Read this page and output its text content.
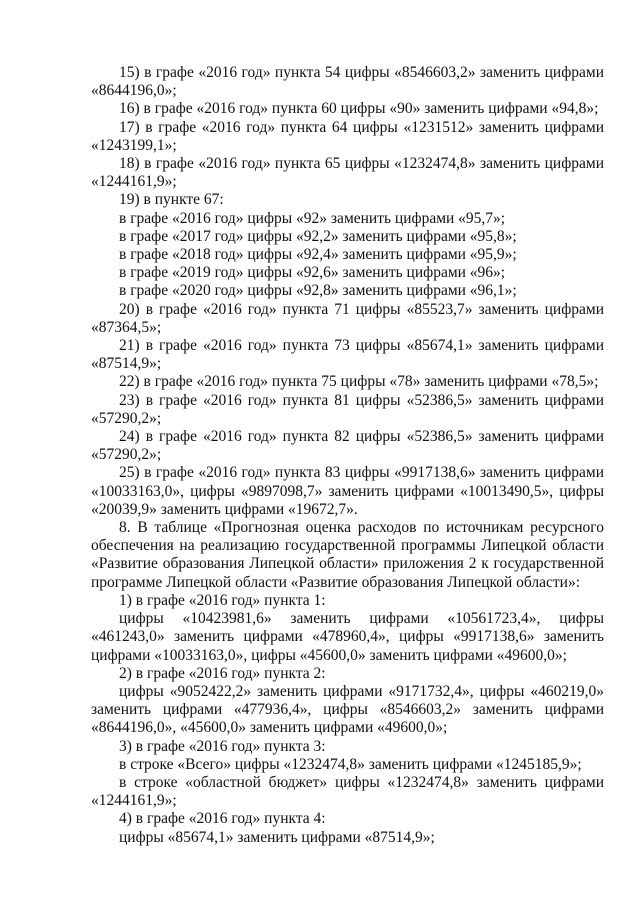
15) в графе «2016 год» пункта 54 цифры «8546603,2» заменить цифрами «8644196,0»;

16) в графе «2016 год» пункта 60 цифры «90» заменить цифрами «94,8»;

17) в графе «2016 год» пункта 64 цифры «1231512» заменить цифрами «1243199,1»;

18) в графе «2016 год» пункта 65 цифры «1232474,8» заменить цифрами «1244161,9»;

19) в пункте 67:

в графе «2016 год» цифры «92» заменить цифрами «95,7»;

в графе «2017 год» цифры «92,2» заменить цифрами «95,8»;

в графе «2018 год» цифры «92,4» заменить цифрами «95,9»;

в графе «2019 год» цифры «92,6» заменить цифрами «96»;

в графе «2020 год» цифры «92,8» заменить цифрами «96,1»;

20) в графе «2016 год» пункта 71 цифры «85523,7» заменить цифрами «87364,5»;

21) в графе «2016 год» пункта 73 цифры «85674,1» заменить цифрами «87514,9»;

22) в графе «2016 год» пункта 75 цифры «78» заменить цифрами «78,5»;

23) в графе «2016 год» пункта 81 цифры «52386,5» заменить цифрами «57290,2»;

24) в графе «2016 год» пункта 82 цифры «52386,5» заменить цифрами «57290,2»;

25) в графе «2016 год» пункта 83 цифры «9917138,6» заменить цифрами «10033163,0», цифры «9897098,7» заменить цифрами «10013490,5», цифры «20039,9» заменить цифрами «19672,7».

8. В таблице «Прогнозная оценка расходов по источникам ресурсного обеспечения на реализацию государственной программы Липецкой области «Развитие образования Липецкой области» приложения 2 к государственной программе Липецкой области «Развитие образования Липецкой области»:

1) в графе «2016 год» пункта 1:

цифры «10423981,6» заменить цифрами «10561723,4», цифры «461243,0» заменить цифрами «478960,4», цифры «9917138,6» заменить цифрами «10033163,0», цифры «45600,0» заменить цифрами «49600,0»;

2) в графе «2016 год» пункта 2:

цифры «9052422,2» заменить цифрами «9171732,4», цифры «460219,0» заменить цифрами «477936,4», цифры «8546603,2» заменить цифрами «8644196,0», «45600,0» заменить цифрами «49600,0»;

3) в графе «2016 год» пункта 3:

в строке «Всего» цифры «1232474,8» заменить цифрами «1245185,9»;

в строке «областной бюджет» цифры «1232474,8» заменить цифрами «1244161,9»;

4) в графе «2016 год» пункта 4:

цифры «85674,1» заменить цифрами «87514,9»;
